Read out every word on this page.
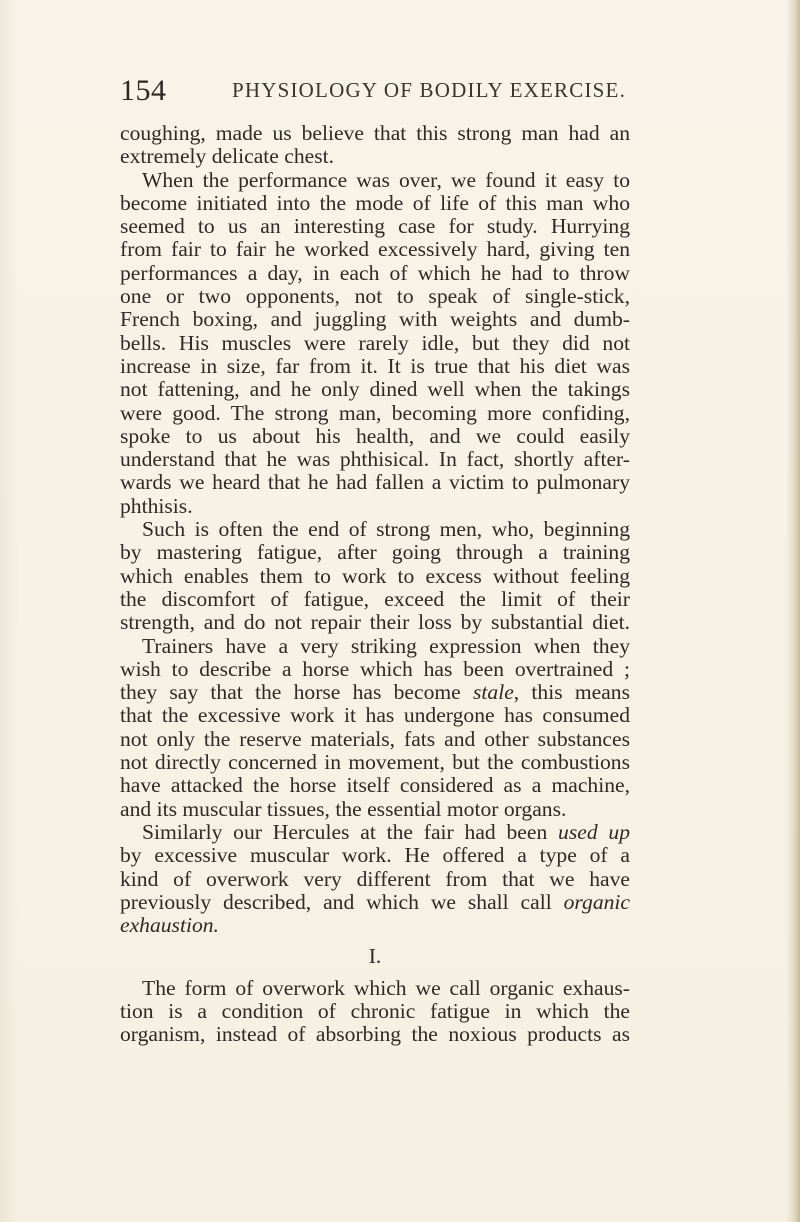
154	PHYSIOLOGY OF BODILY EXERCISE.
coughing, made us believe that this strong man had an
extremely delicate chest.
When the performance was over, we found it easy to
become initiated into the mode of life of this man who
seemed to us an interesting case for study. Hurrying
from fair to fair he worked excessively hard, giving ten
performances a day, in each of which he had to throw
one or two opponents, not to speak of single-stick,
French boxing, and juggling with weights and dumb-
bells. His muscles were rarely idle, but they did not
increase in size, far from it. It is true that his diet was
not fattening, and he only dined well when the takings
were good. The strong man, becoming more confiding,
spoke to us about his health, and we could easily
understand that he was phthisical. In fact, shortly after-
wards we heard that he had fallen a victim to pulmonary
phthisis.
Such is often the end of strong men, who, beginning
by mastering fatigue, after going through a training
which enables them to work to excess without feeling
the discomfort of fatigue, exceed the limit of their
strength, and do not repair their loss by substantial diet.
Trainers have a very striking expression when they
wish to describe a horse which has been overtrained ;
they say that the horse has become stale, this means
that the excessive work it has undergone has consumed
not only the reserve materials, fats and other substances
not directly concerned in movement, but the combustions
have attacked the horse itself considered as a machine,
and its muscular tissues, the essential motor organs.
Similarly our Hercules at the fair had been used up
by excessive muscular work. He offered a type of a
kind of overwork very different from that we have
previously described, and which we shall call organic
exhaustion.
I.
The form of overwork which we call organic exhaus-
tion is a condition of chronic fatigue in which the
organism, instead of absorbing the noxious products as
